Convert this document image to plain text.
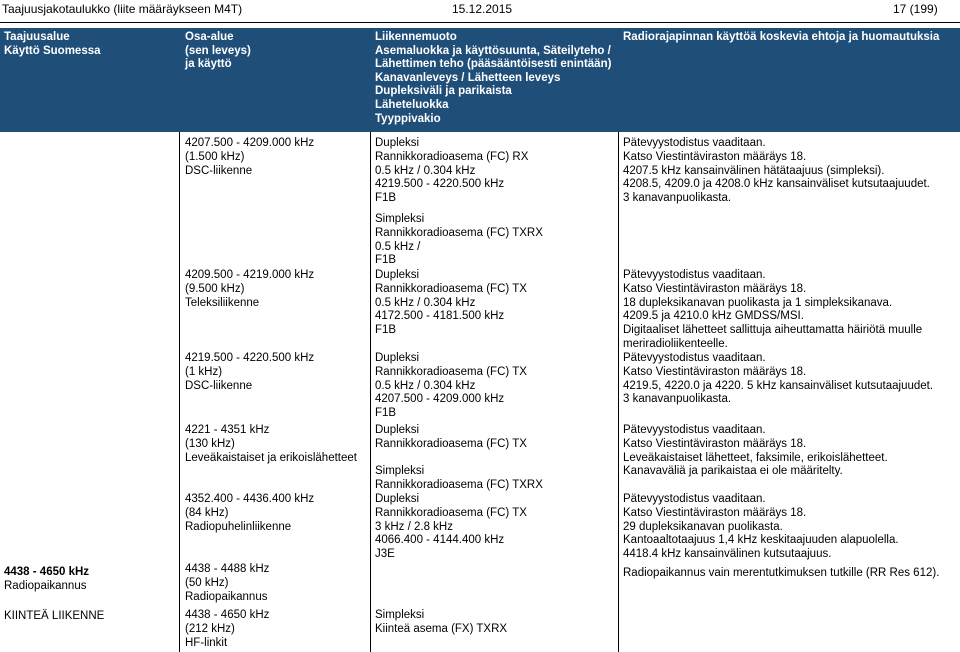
Taajuusjakotaulukko (liite määräykseen M4T)	15.12.2015	17 (199)
Taajuusalue
Käyttö Suomessa
Osa-alue
(sen leveys)
ja käyttö
Liikennemuoto
Asemaluokka ja käyttösuunta, Säteilyteho /
Lähettimen teho (pääsääntöisesti enintään)
Kanavanleveys / Lähetteen leveys
Dupleksiväli ja parikaista
Läheteluokka
Tyyppivakio
Radiorajapinnan käyttöä koskevia ehtoja ja huomautuksia
4438 - 4650 kHz
Radiopaikannus
KIINTEÄ LIIKENNE
4207.500 - 4209.000 kHz
(1.500 kHz)
DSC-liikenne
4209.500 - 4219.000 kHz
(9.500 kHz)
Teleksiliikenne
4219.500 - 4220.500 kHz
(1 kHz)
DSC-liikenne
4221 - 4351 kHz
(130 kHz)
Leveäkaistaiset ja erikoislähetteet
4352.400 - 4436.400 kHz
(84 kHz)
Radiopuhelinliikenne
4438 - 4488 kHz
(50 kHz)
Radiopaikannus
4438 - 4650 kHz
(212 kHz)
HF-linkit
Dupleksi
Rannikkoradioasema (FC) RX
0.5 kHz / 0.304 kHz
4219.500 - 4220.500 kHz
F1B
Simpleksi
Rannikkoradioasema (FC) TXRX
0.5 kHz /
F1B
Dupleksi
Rannikkoradioasema (FC) TX
0.5 kHz / 0.304 kHz
4172.500 - 4181.500 kHz
F1B
Dupleksi
Rannikkoradioasema (FC) TX
0.5 kHz / 0.304 kHz
4207.500 - 4209.000 kHz
F1B
Dupleksi
Rannikkoradioasema (FC) TX
Simpleksi
Rannikkoradioasema (FC) TXRX
Dupleksi
Rannikkoradioasema (FC) TX
3 kHz / 2.8 kHz
4066.400 - 4144.400 kHz
J3E
Simpleksi
Kiinteä asema (FX) TXRX
Pätevyystodistus vaaditaan.
Katso Viestintäviraston määräys 18.
4207.5 kHz kansainvälinen hätätaajuus (simpleksi).
4208.5, 4209.0 ja 4208.0 kHz kansainväliset kutsutaajuudet.
3 kanavanpuolikasta.
Pätevyystodistus vaaditaan.
Katso Viestintäviraston määräys 18.
18 dupleksikanavan puolikasta ja 1 simpleksikanava.
4209.5 ja 4210.0 kHz GMDSS/MSI.
Digitaaliset lähetteet sallittuja aiheuttamatta häiriötä muulle
meriradioliikenteelle.
Pätevyystodistus vaaditaan.
Katso Viestintäviraston määräys 18.
4219.5, 4220.0 ja 4220. 5 kHz kansainväliset kutsutaajuudet.
3 kanavanpuolikasta.
Pätevyystodistus vaaditaan.
Katso Viestintäviraston määräys 18.
Leveäkaistaiset lähetteet, faksimile, erikoislähetteet.
Kanavaväliä ja parikaistaa ei ole määritelty.
Pätevyystodistus vaaditaan.
Katso Viestintäviraston määräys 18.
29 dupleksikanavan puolikasta.
Kantoaaltotaajuus 1,4 kHz keskitaajuuden alapuolella.
4418.4 kHz kansainvälinen kutsutaajuus.
Radiopaikannus vain merentutkimuksen tutkille (RR Res 612).
